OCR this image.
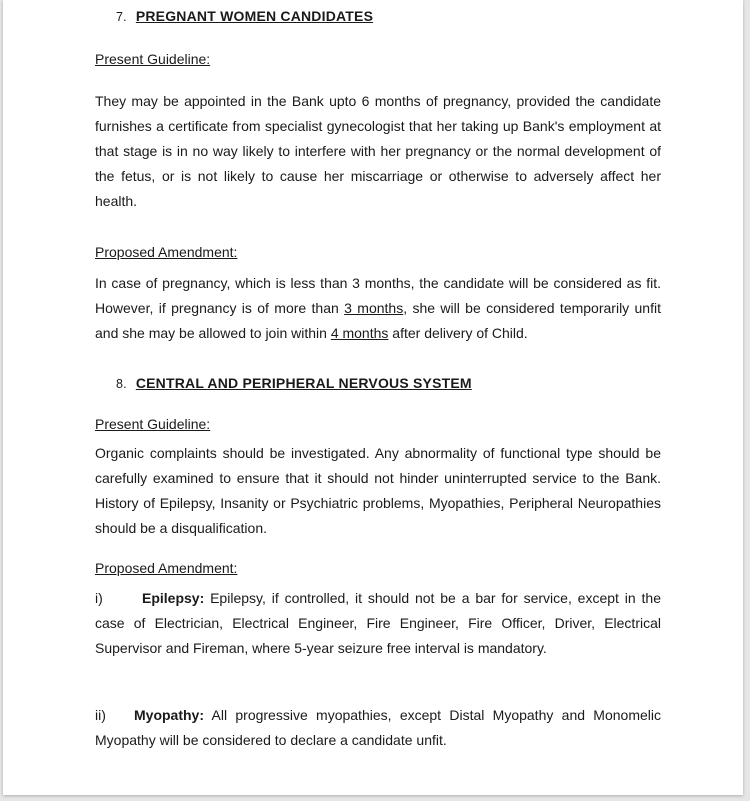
7. PREGNANT WOMEN CANDIDATES
Present Guideline:

They may be appointed in the Bank upto 6 months of pregnancy, provided the candidate furnishes a certificate from specialist gynecologist that her taking up Bank's employment at that stage is in no way likely to interfere with her pregnancy or the normal development of the fetus, or is not likely to cause her miscarriage or otherwise to adversely affect her health.

Proposed Amendment:

In case of pregnancy, which is less than 3 months, the candidate will be considered as fit. However, if pregnancy is of more than 3 months, she will be considered temporarily unfit and she may be allowed to join within 4 months after delivery of Child.

8. CENTRAL AND PERIPHERAL NERVOUS SYSTEM
Present Guideline:

Organic complaints should be investigated. Any abnormality of functional type should be carefully examined to ensure that it should not hinder uninterrupted service to the Bank. History of Epilepsy, Insanity or Psychiatric problems, Myopathies, Peripheral Neuropathies should be a disqualification.

Proposed Amendment:

i)	Epilepsy: Epilepsy, if controlled, it should not be a bar for service, except in the case of Electrician, Electrical Engineer, Fire Engineer, Fire Officer, Driver, Electrical Supervisor and Fireman, where 5-year seizure free interval is mandatory.

ii) Myopathy: All progressive myopathies, except Distal Myopathy and Monomelic Myopathy will be considered to declare a candidate unfit.
